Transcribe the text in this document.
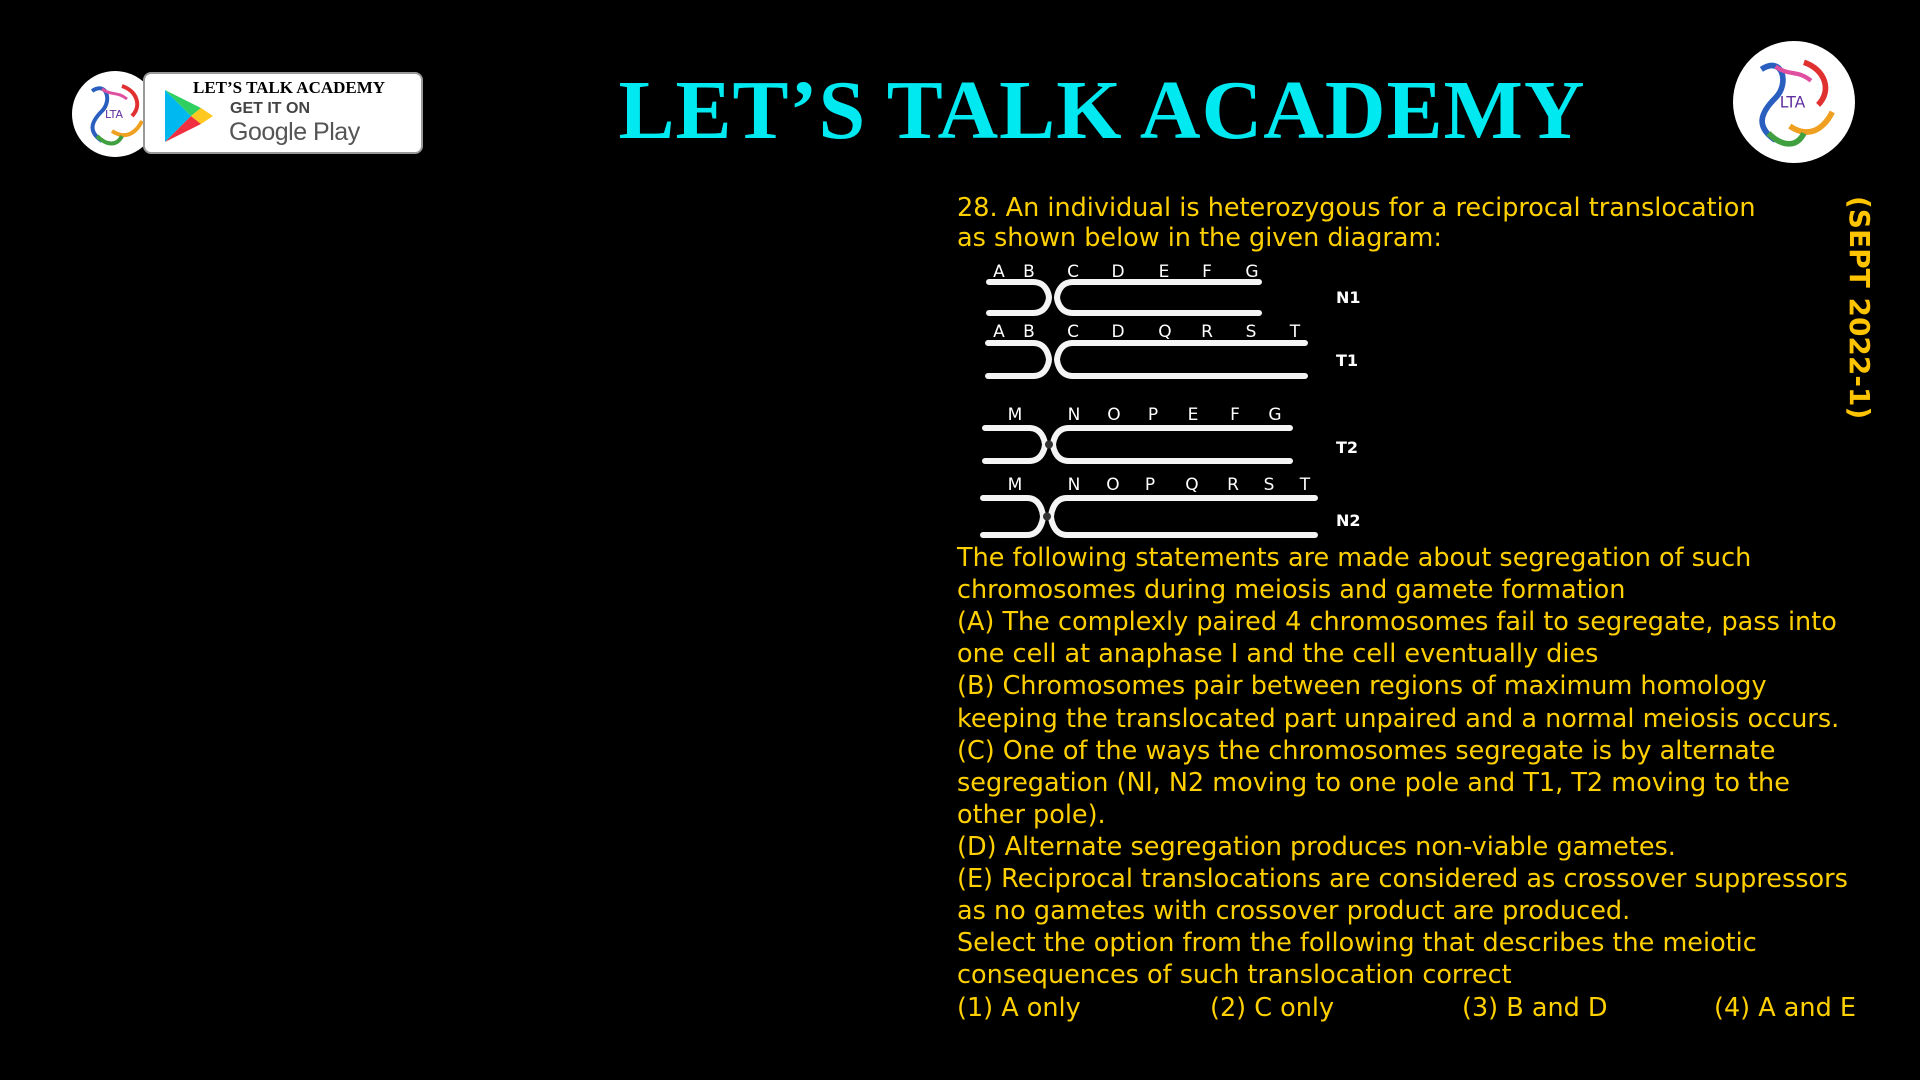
LTA
LET’S TALK ACADEMY
GET IT ON
Google Play	LET’S TALK ACADEMY	LTA
(SEPT 2022-1)
28. An individual is heterozygous for a reciprocal translocation
as shown below in the given diagram:
A B C D E F G
N1
A B C D Q R S T
T1
M	N O P E F G
T2
M	N O P Q R S T
N2
The following statements are made about segregation of such
chromosomes during meiosis and gamete formation
(A) The complexly paired 4 chromosomes fail to segregate, pass into
one cell at anaphase I and the cell eventually dies
(B) Chromosomes pair between regions of maximum homology
keeping the translocated part unpaired and a normal meiosis occurs.
(C) One of the ways the chromosomes segregate is by alternate
segregation (Nl, N2 moving to one pole and T1, T2 moving to the
other pole).
(D) Alternate segregation produces non-viable gametes.
(E) Reciprocal translocations are considered as crossover suppressors
as no gametes with crossover product are produced.
Select the option from the following that describes the meiotic
consequences of such translocation correct
(1) A only	(2) C only	(3) B and D	(4) A and E
